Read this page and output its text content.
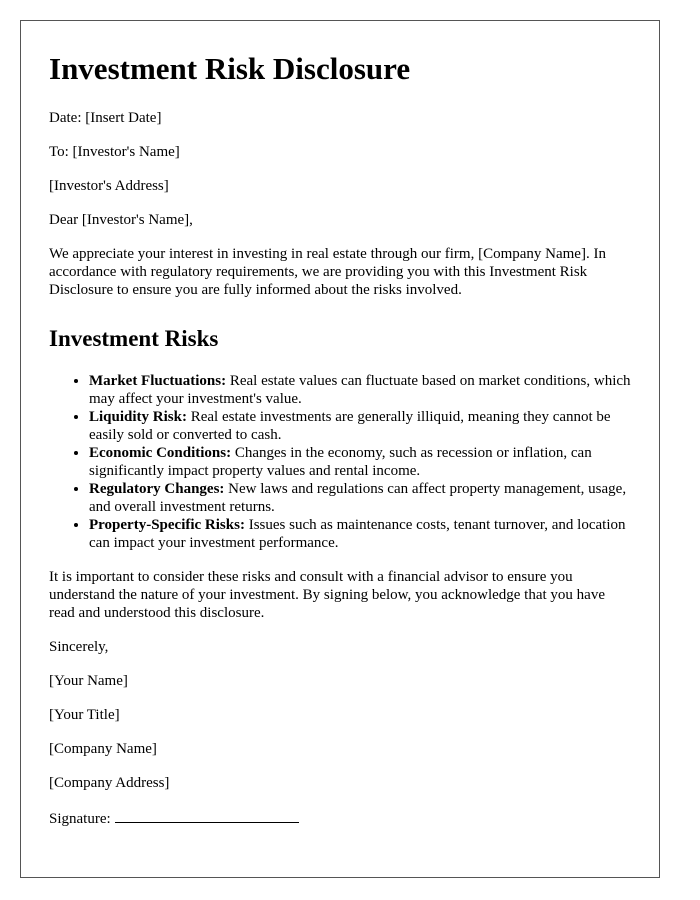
Investment Risk Disclosure

Date: [Insert Date]

To: [Investor's Name]

[Investor's Address]

Dear [Investor's Name],

We appreciate your interest in investing in real estate through our firm, [Company Name]. In accordance with regulatory requirements, we are providing you with this Investment Risk Disclosure to ensure you are fully informed about the risks involved.

Investment Risks
• Market Fluctuations: Real estate values can fluctuate based on market conditions, which may affect your investment's value.
• Liquidity Risk: Real estate investments are generally illiquid, meaning they cannot be easily sold or converted to cash.
• Economic Conditions: Changes in the economy, such as recession or inflation, can significantly impact property values and rental income.
• Regulatory Changes: New laws and regulations can affect property management, usage, and overall investment returns.
• Property-Specific Risks: Issues such as maintenance costs, tenant turnover, and location can impact your investment performance.

It is important to consider these risks and consult with a financial advisor to ensure you understand the nature of your investment. By signing below, you acknowledge that you have read and understood this disclosure.

Sincerely,

[Your Name]

[Your Title]

[Company Name]

[Company Address]

Signature:
